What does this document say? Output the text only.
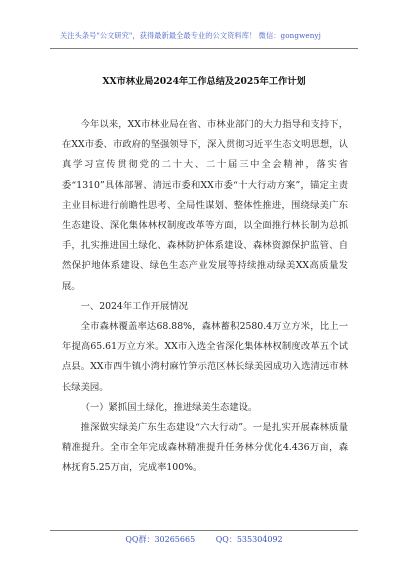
关注头条号"公文研究"，获得最新最全最专业的公文资料库！ 微信：gongwenyj
XX市林业局2024年工作总结及2025年工作计划

今年以来，XX市林业局在省、市林业部门的大力指导和支持下，在XX市委、市政府的坚强领导下，深入贯彻习近平生态文明思想，认真学习宣传贯彻党的二十大、二十届三中全会精神，落实省委“1310”具体部署、清远市委和XX市委“十大行动方案”，锚定主责主业目标进行前瞻性思考、全局性谋划、整体性推进，围绕绿美广东生态建设、深化集体林权制度改革等方面，以全面推行林长制为总抓手，扎实推进国土绿化、森林防护体系建设、森林资源保护监管、自然保护地体系建设、绿色生态产业发展等持续推动绿美XX高质量发展。

一、2024年工作开展情况

全市森林覆盖率达68.88%，森林蓄积2580.4万立方米，比上一年提高65.61万立方米。XX市入选全省深化集体林权制度改革五个试点县。XX市西牛镇小湾村麻竹笋示范区林长绿美园成功入选清远市林长绿美园。

（一）紧抓国土绿化，推进绿美生态建设。

推深做实绿美广东生态建设“六大行动”。一是扎实开展森林质量精准提升。全市全年完成森林精准提升任务林分优化4.436万亩，森林抚育5.25万亩，完成率100%。

QQ群：30265665	QQ：535304092
